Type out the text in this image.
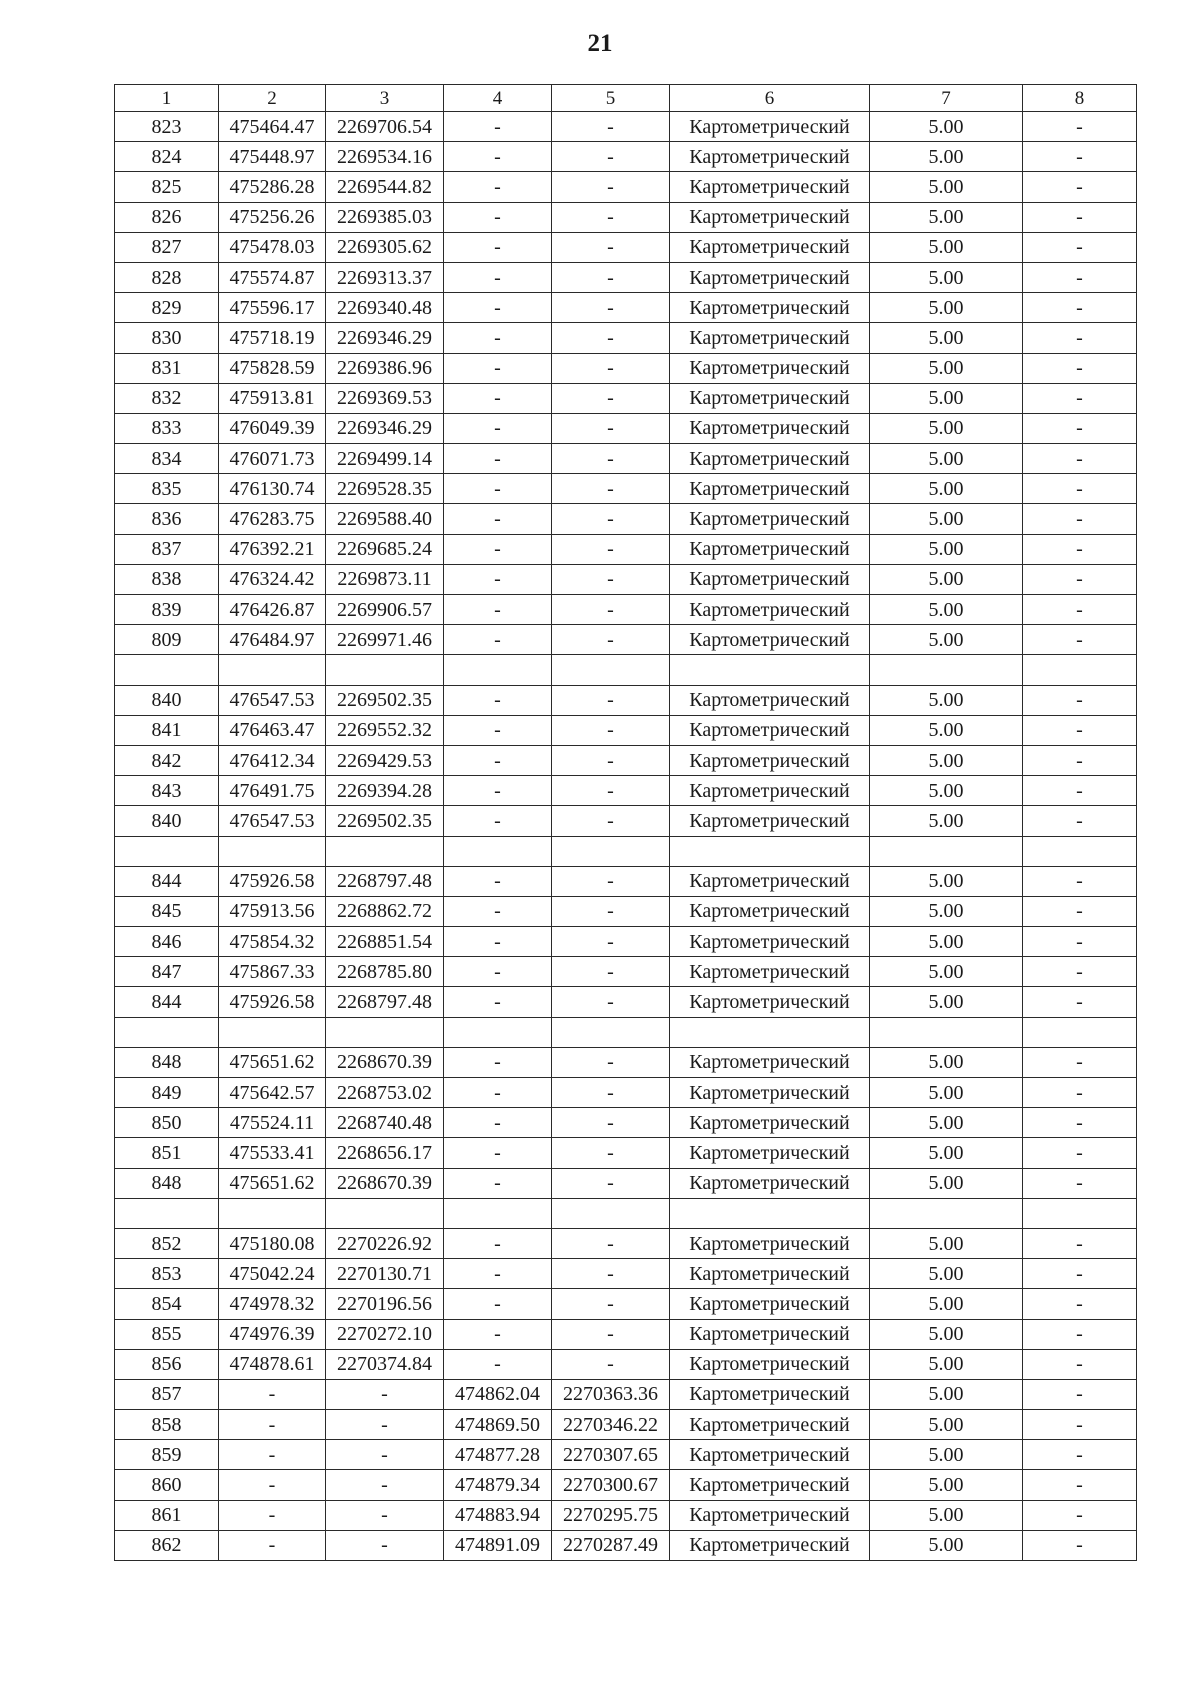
21
1	2	3	4	5	6	7	8
823	475464.47	2269706.54	-	-	Картометрический	5.00	-
824	475448.97	2269534.16	-	-	Картометрический	5.00	-
825	475286.28	2269544.82	-	-	Картометрический	5.00	-
826	475256.26	2269385.03	-	-	Картометрический	5.00	-
827	475478.03	2269305.62	-	-	Картометрический	5.00	-
828	475574.87	2269313.37	-	-	Картометрический	5.00	-
829	475596.17	2269340.48	-	-	Картометрический	5.00	-
830	475718.19	2269346.29	-	-	Картометрический	5.00	-
831	475828.59	2269386.96	-	-	Картометрический	5.00	-
832	475913.81	2269369.53	-	-	Картометрический	5.00	-
833	476049.39	2269346.29	-	-	Картометрический	5.00	-
834	476071.73	2269499.14	-	-	Картометрический	5.00	-
835	476130.74	2269528.35	-	-	Картометрический	5.00	-
836	476283.75	2269588.40	-	-	Картометрический	5.00	-
837	476392.21	2269685.24	-	-	Картометрический	5.00	-
838	476324.42	2269873.11	-	-	Картометрический	5.00	-
839	476426.87	2269906.57	-	-	Картометрический	5.00	-
809	476484.97	2269971.46	-	-	Картометрический	5.00	-

840	476547.53	2269502.35	-	-	Картометрический	5.00	-
841	476463.47	2269552.32	-	-	Картометрический	5.00	-
842	476412.34	2269429.53	-	-	Картометрический	5.00	-
843	476491.75	2269394.28	-	-	Картометрический	5.00	-
840	476547.53	2269502.35	-	-	Картометрический	5.00	-

844	475926.58	2268797.48	-	-	Картометрический	5.00	-
845	475913.56	2268862.72	-	-	Картометрический	5.00	-
846	475854.32	2268851.54	-	-	Картометрический	5.00	-
847	475867.33	2268785.80	-	-	Картометрический	5.00	-
844	475926.58	2268797.48	-	-	Картометрический	5.00	-

848	475651.62	2268670.39	-	-	Картометрический	5.00	-
849	475642.57	2268753.02	-	-	Картометрический	5.00	-
850	475524.11	2268740.48	-	-	Картометрический	5.00	-
851	475533.41	2268656.17	-	-	Картометрический	5.00	-
848	475651.62	2268670.39	-	-	Картометрический	5.00	-

852	475180.08	2270226.92	-	-	Картометрический	5.00	-
853	475042.24	2270130.71	-	-	Картометрический	5.00	-
854	474978.32	2270196.56	-	-	Картометрический	5.00	-
855	474976.39	2270272.10	-	-	Картометрический	5.00	-
856	474878.61	2270374.84	-	-	Картометрический	5.00	-
857	-	-	474862.04	2270363.36	Картометрический	5.00	-
858	-	-	474869.50	2270346.22	Картометрический	5.00	-
859	-	-	474877.28	2270307.65	Картометрический	5.00	-
860	-	-	474879.34	2270300.67	Картометрический	5.00	-
861	-	-	474883.94	2270295.75	Картометрический	5.00	-
862	-	-	474891.09	2270287.49	Картометрический	5.00	-
